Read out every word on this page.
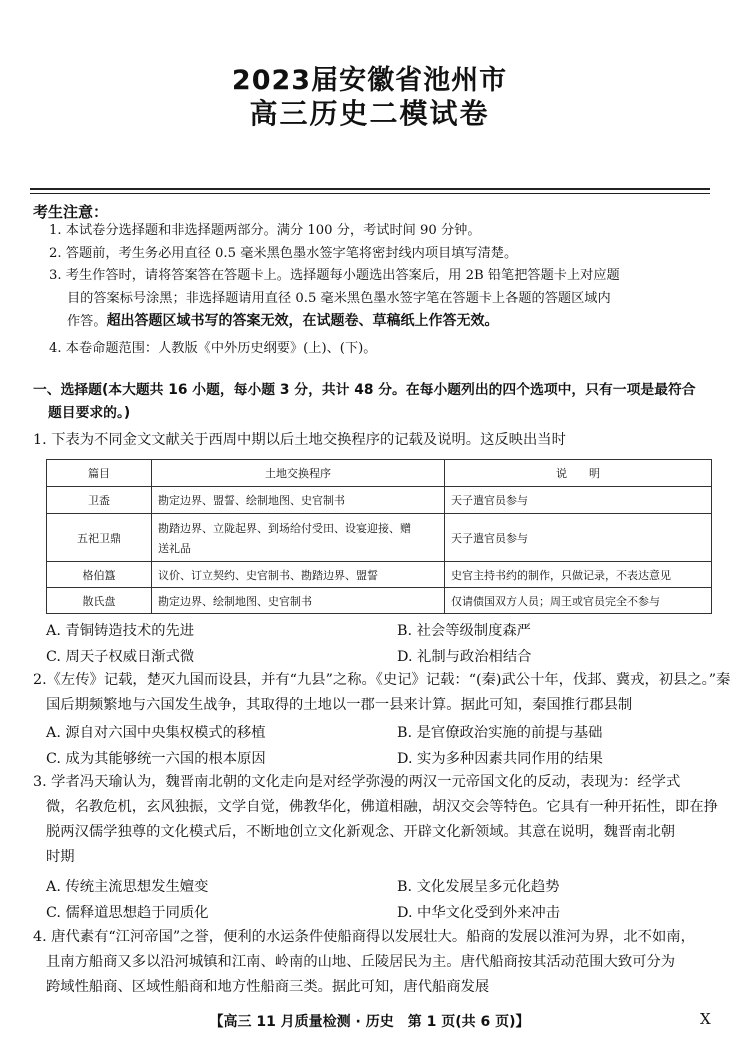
2023届安徽省池州市
高三历史二模试卷
考生注意：
1. 本试卷分选择题和非选择题两部分。满分 100 分，考试时间 90 分钟。
2. 答题前，考生务必用直径 0.5 毫米黑色墨水签字笔将密封线内项目填写清楚。
3. 考生作答时，请将答案答在答题卡上。选择题每小题选出答案后，用 2B 铅笔把答题卡上对应题
目的答案标号涂黑；非选择题请用直径 0.5 毫米黑色墨水签字笔在答题卡上各题的答题区域内
作答。超出答题区域书写的答案无效，在试题卷、草稿纸上作答无效。
4. 本卷命题范围：人教版《中外历史纲要》(上)、(下)。
一、选择题(本大题共 16 小题，每小题 3 分，共计 48 分。在每小题列出的四个选项中，只有一项是最符合
题目要求的。)
1. 下表为不同金文文献关于西周中期以后土地交换程序的记载及说明。这反映出当时
篇目	土地交换程序	说　　明
卫盉	勘定边界、盟誓、绘制地图、史官制书	天子遣官员参与
五祀卫鼎	勘踏边界、立陇起界、到场给付受田、设宴迎接、赠
送礼品	天子遣官员参与
格伯簋	议价、订立契约、史官制书、勘踏边界、盟誓	史官主持书约的制作，只做记录，不表达意见
散氏盘	勘定边界、绘制地图、史官制书	仅请债国双方人员；周王或官员完全不参与
A. 青铜铸造技术的先进	B. 社会等级制度森严
C. 周天子权威日渐式微	D. 礼制与政治相结合
2.《左传》记载，楚灭九国而设县，并有“九县”之称。《史记》记载：“(秦)武公十年，伐邽、冀戎，初县之。”秦
国后期频繁地与六国发生战争，其取得的土地以一郡一县来计算。据此可知，秦国推行郡县制
A. 源自对六国中央集权模式的移植	B. 是官僚政治实施的前提与基础
C. 成为其能够统一六国的根本原因	D. 实为多种因素共同作用的结果
3. 学者冯天瑜认为，魏晋南北朝的文化走向是对经学弥漫的两汉一元帝国文化的反动，表现为：经学式
微，名教危机，玄风独振，文学自觉，佛教华化，佛道相融，胡汉交会等特色。它具有一种开拓性，即在挣
脱两汉儒学独尊的文化模式后，不断地创立文化新观念、开辟文化新领域。其意在说明，魏晋南北朝
时期
A. 传统主流思想发生嬗变	B. 文化发展呈多元化趋势
C. 儒释道思想趋于同质化	D. 中华文化受到外来冲击
4. 唐代素有“江河帝国”之誉，便利的水运条件使船商得以发展壮大。船商的发展以淮河为界，北不如南，
且南方船商又多以沿河城镇和江南、岭南的山地、丘陵居民为主。唐代船商按其活动范围大致可分为
跨域性船商、区域性船商和地方性船商三类。据此可知，唐代船商发展
【高三 11 月质量检测 · 历史　第 1 页(共 6 页)】	X
